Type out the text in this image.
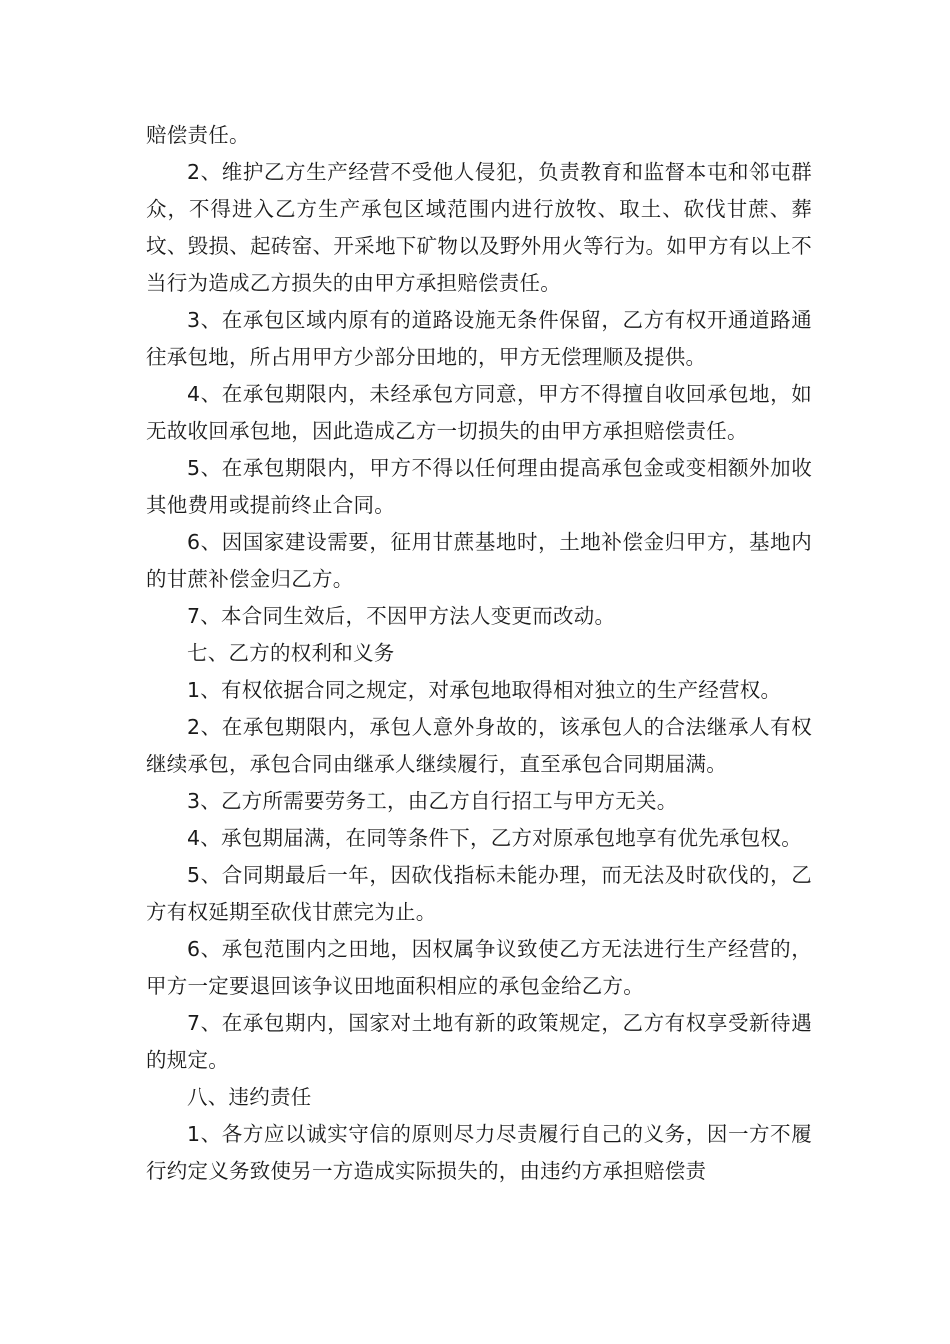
赔偿责任。

2、维护乙方生产经营不受他人侵犯，负责教育和监督本屯和邻屯群众，不得进入乙方生产承包区域范围内进行放牧、取土、砍伐甘蔗、葬坟、毁损、起砖窑、开采地下矿物以及野外用火等行为。如甲方有以上不当行为造成乙方损失的由甲方承担赔偿责任。

3、在承包区域内原有的道路设施无条件保留，乙方有权开通道路通往承包地，所占用甲方少部分田地的，甲方无偿理顺及提供。

4、在承包期限内，未经承包方同意，甲方不得擅自收回承包地，如无故收回承包地，因此造成乙方一切损失的由甲方承担赔偿责任。

5、在承包期限内，甲方不得以任何理由提高承包金或变相额外加收其他费用或提前终止合同。

6、因国家建设需要，征用甘蔗基地时，土地补偿金归甲方，基地内的甘蔗补偿金归乙方。

7、本合同生效后，不因甲方法人变更而改动。

七、乙方的权利和义务

1、有权依据合同之规定，对承包地取得相对独立的生产经营权。

2、在承包期限内，承包人意外身故的，该承包人的合法继承人有权继续承包，承包合同由继承人继续履行，直至承包合同期届满。

3、乙方所需要劳务工，由乙方自行招工与甲方无关。

4、承包期届满，在同等条件下，乙方对原承包地享有优先承包权。

5、合同期最后一年，因砍伐指标未能办理，而无法及时砍伐的，乙方有权延期至砍伐甘蔗完为止。

6、承包范围内之田地，因权属争议致使乙方无法进行生产经营的，甲方一定要退回该争议田地面积相应的承包金给乙方。

7、在承包期内，国家对土地有新的政策规定，乙方有权享受新待遇的规定。

八、违约责任

1、各方应以诚实守信的原则尽力尽责履行自己的义务，因一方不履行约定义务致使另一方造成实际损失的，由违约方承担赔偿责
